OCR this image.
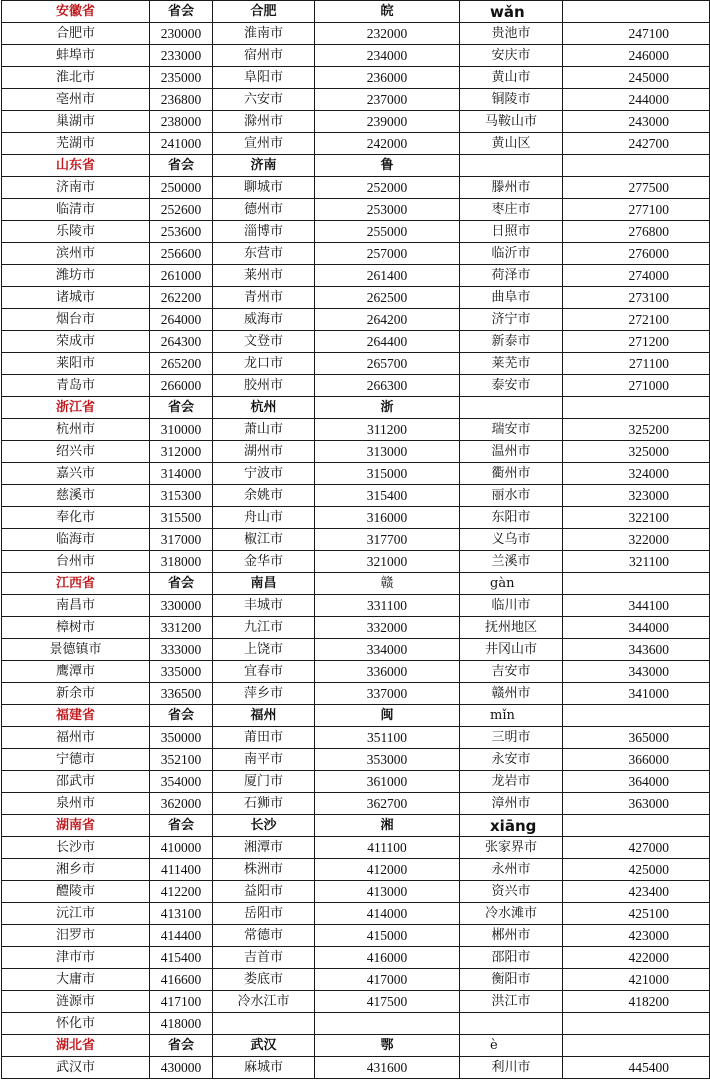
安徽省	省会	合肥	皖	wǎn	
合肥市	230000	淮南市	232000	贵池市	247100
蚌埠市	233000	宿州市	234000	安庆市	246000
淮北市	235000	阜阳市	236000	黄山市	245000
亳州市	236800	六安市	237000	铜陵市	244000
巢湖市	238000	滁州市	239000	马鞍山市	243000
芜湖市	241000	宣州市	242000	黄山区	242700
山东省	省会	济南	鲁		
济南市	250000	聊城市	252000	滕州市	277500
临清市	252600	德州市	253000	枣庄市	277100
乐陵市	253600	淄博市	255000	日照市	276800
滨州市	256600	东营市	257000	临沂市	276000
潍坊市	261000	莱州市	261400	荷泽市	274000
诸城市	262200	青州市	262500	曲阜市	273100
烟台市	264000	威海市	264200	济宁市	272100
荣成市	264300	文登市	264400	新泰市	271200
莱阳市	265200	龙口市	265700	莱芜市	271100
青岛市	266000	胶州市	266300	泰安市	271000
浙江省	省会	杭州	浙		
杭州市	310000	萧山市	311200	瑞安市	325200
绍兴市	312000	湖州市	313000	温州市	325000
嘉兴市	314000	宁波市	315000	衢州市	324000
慈溪市	315300	余姚市	315400	丽水市	323000
奉化市	315500	舟山市	316000	东阳市	322100
临海市	317000	椒江市	317700	义乌市	322000
台州市	318000	金华市	321000	兰溪市	321100
江西省	省会	南昌	赣	gàn	
南昌市	330000	丰城市	331100	临川市	344100
樟树市	331200	九江市	332000	抚州地区	344000
景德镇市	333000	上饶市	334000	井冈山市	343600
鹰潭市	335000	宜春市	336000	吉安市	343000
新余市	336500	萍乡市	337000	赣州市	341000
福建省	省会	福州	闽	mǐn	
福州市	350000	莆田市	351100	三明市	365000
宁德市	352100	南平市	353000	永安市	366000
邵武市	354000	厦门市	361000	龙岩市	364000
泉州市	362000	石狮市	362700	漳州市	363000
湖南省	省会	长沙	湘	xiāng	
长沙市	410000	湘潭市	411100	张家界市	427000
湘乡市	411400	株洲市	412000	永州市	425000
醴陵市	412200	益阳市	413000	资兴市	423400
沅江市	413100	岳阳市	414000	冷水滩市	425100
汨罗市	414400	常德市	415000	郴州市	423000
津市市	415400	吉首市	416000	邵阳市	422000
大庸市	416600	娄底市	417000	衡阳市	421000
涟源市	417100	冷水江市	417500	洪江市	418200
怀化市	418000				
湖北省	省会	武汉	鄂	è	
武汉市	430000	麻城市	431600	利川市	445400
